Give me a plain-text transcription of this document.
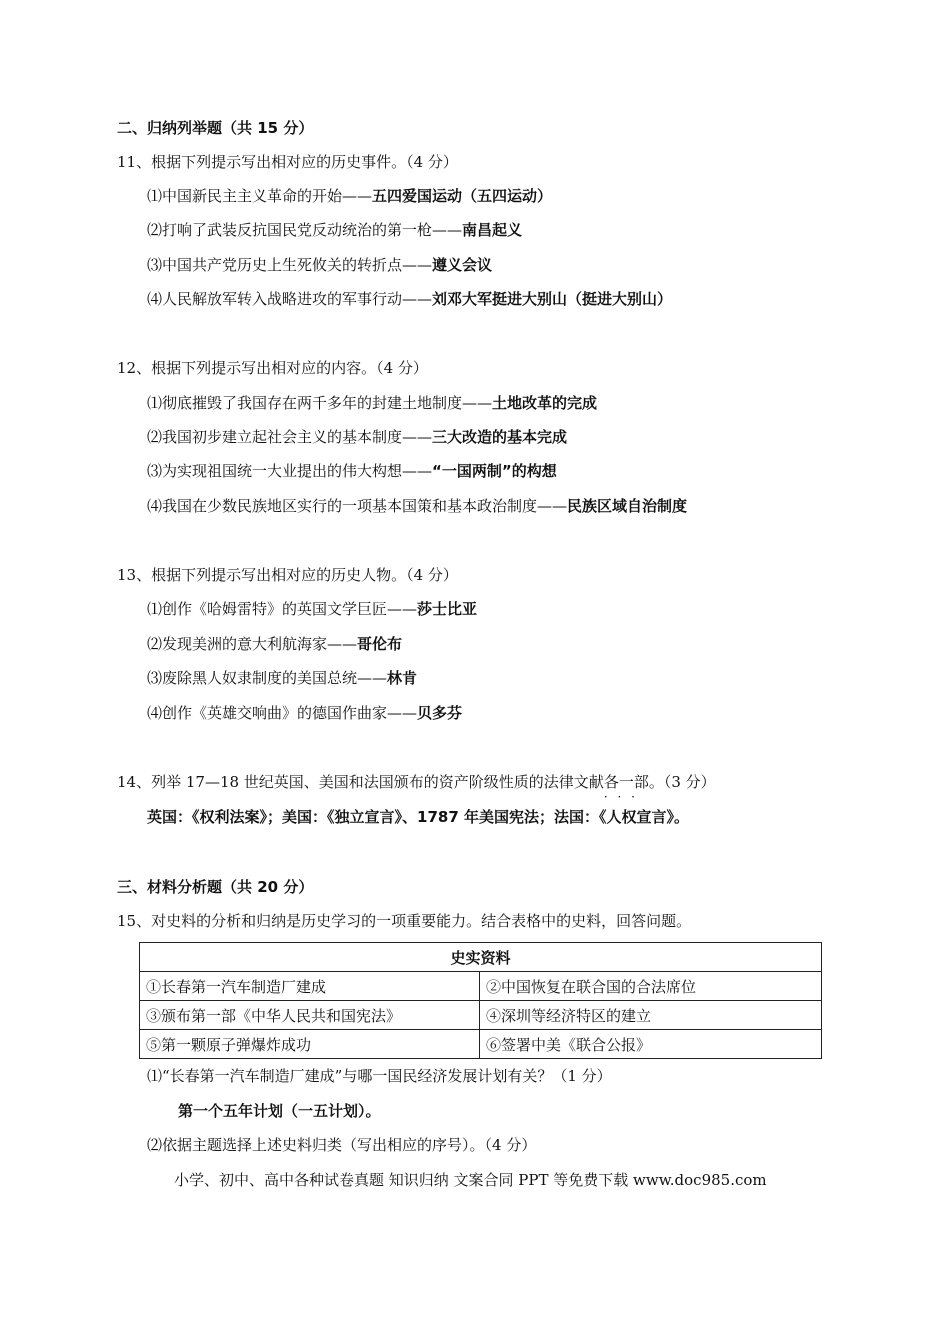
二、归纳列举题（共 15 分）
11、根据下列提示写出相对应的历史事件。（4 分）
⑴中国新民主主义革命的开始——五四爱国运动（五四运动）
⑵打响了武装反抗国民党反动统治的第一枪——南昌起义
⑶中国共产党历史上生死攸关的转折点——遵义会议
⑷人民解放军转入战略进攻的军事行动——刘邓大军挺进大别山（挺进大别山）
12、根据下列提示写出相对应的内容。（4 分）
⑴彻底摧毁了我国存在两千多年的封建土地制度——土地改革的完成
⑵我国初步建立起社会主义的基本制度——三大改造的基本完成
⑶为实现祖国统一大业提出的伟大构想——“一国两制”的构想
⑷我国在少数民族地区实行的一项基本国策和基本政治制度——民族区域自治制度
13、根据下列提示写出相对应的历史人物。（4 分）
⑴创作《哈姆雷特》的英国文学巨匠——莎士比亚
⑵发现美洲的意大利航海家——哥伦布
⑶废除黑人奴隶制度的美国总统——林肯
⑷创作《英雄交响曲》的德国作曲家——贝多芬
14、列举 17—18 世纪英国、美国和法国颁布的资产阶级性质的法律文献各一部 · · ·。（3 分）
英国：《权利法案》；美国：《独立宣言》、1787 年美国宪法；法国：《人权宣言》。
三、材料分析题（共 20 分）
15、对史料的分析和归纳是历史学习的一项重要能力。结合表格中的史料，回答问题。
史实资料	
①长春第一汽车制造厂建成	②中国恢复在联合国的合法席位
③颁布第一部《中华人民共和国宪法》	④深圳等经济特区的建立
⑤第一颗原子弹爆炸成功	⑥签署中美《联合公报》
⑴“长春第一汽车制造厂建成”与哪一国民经济发展计划有关？（1 分）
第一个五年计划（一五计划）。
⑵依据主题选择上述史料归类（写出相应的序号）。（4 分）
小学、初中、高中各种试卷真题 知识归纳 文案合同 PPT 等免费下载 www.doc985.com
